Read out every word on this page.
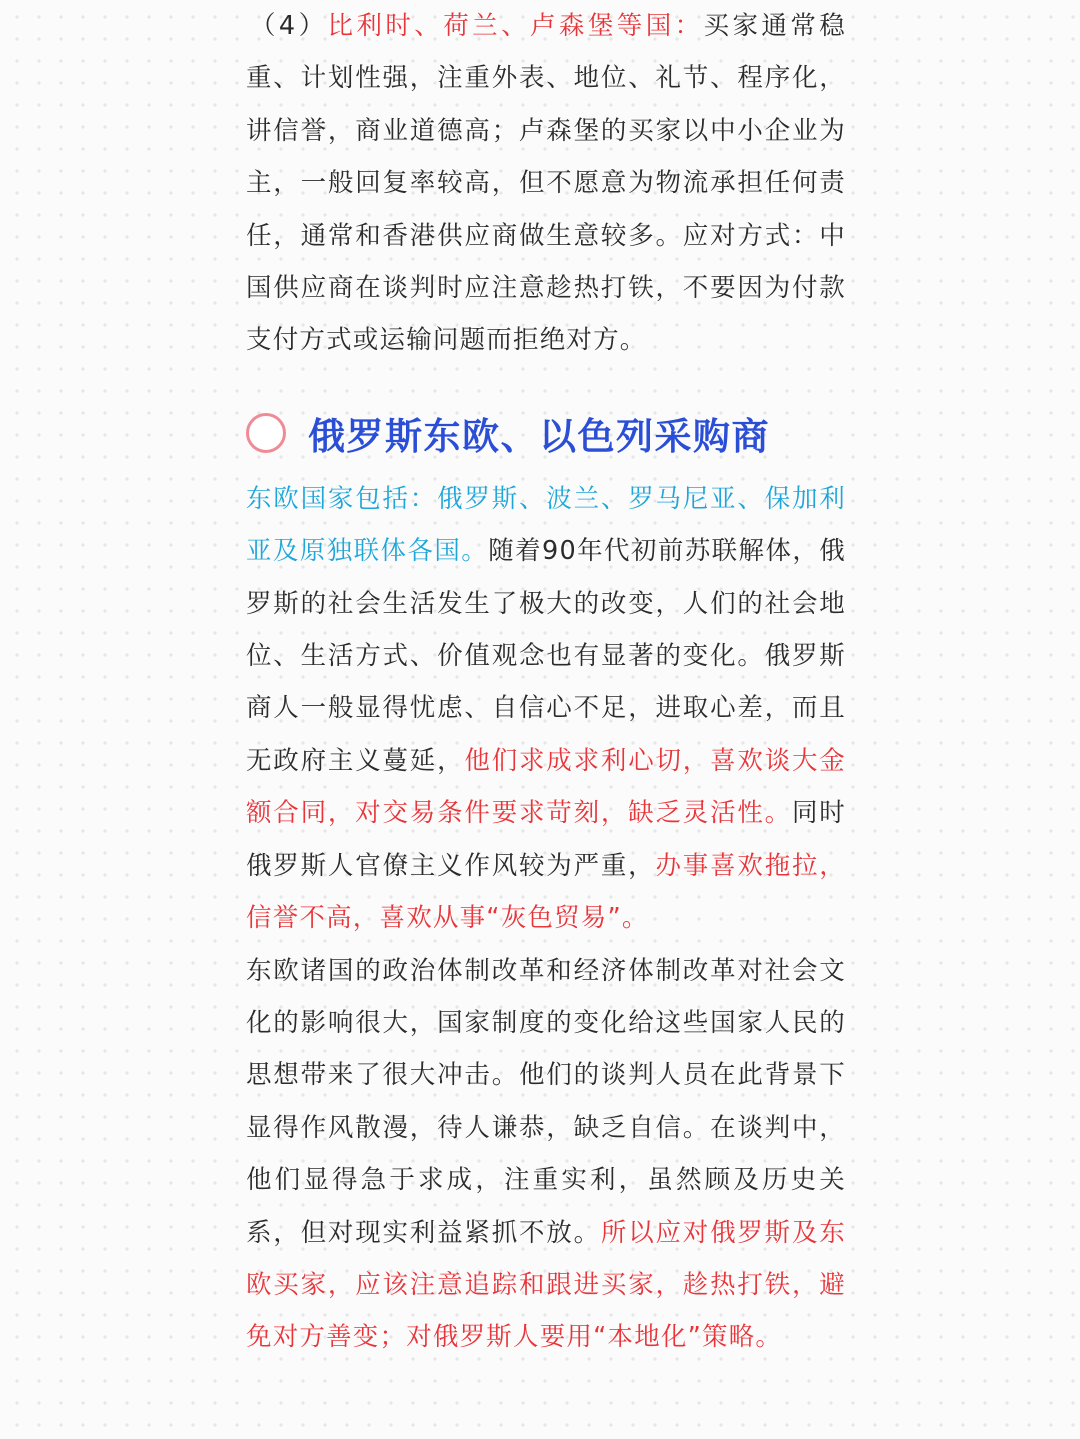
（4）比利时、荷兰、卢森堡等国：买家通常稳重、计划性强，注重外表、地位、礼节、程序化，讲信誉，商业道德高；卢森堡的买家以中小企业为主，一般回复率较高，但不愿意为物流承担任何责任，通常和香港供应商做生意较多。应对方式：中国供应商在谈判时应注意趁热打铁，不要因为付款支付方式或运输问题而拒绝对方。

俄罗斯东欧、以色列采购商

东欧国家包括：俄罗斯、波兰、罗马尼亚、保加利亚及原独联体各国。随着90年代初前苏联解体，俄罗斯的社会生活发生了极大的改变，人们的社会地位、生活方式、价值观念也有显著的变化。俄罗斯商人一般显得忧虑、自信心不足，进取心差，而且无政府主义蔓延，他们求成求利心切，喜欢谈大金额合同，对交易条件要求苛刻，缺乏灵活性。同时俄罗斯人官僚主义作风较为严重，办事喜欢拖拉，信誉不高，喜欢从事“灰色贸易”。

东欧诸国的政治体制改革和经济体制改革对社会文化的影响很大，国家制度的变化给这些国家人民的思想带来了很大冲击。他们的谈判人员在此背景下显得作风散漫，待人谦恭，缺乏自信。在谈判中，他们显得急于求成，注重实利，虽然顾及历史关系，但对现实利益紧抓不放。所以应对俄罗斯及东欧买家，应该注意追踪和跟进买家，趁热打铁，避免对方善变；对俄罗斯人要用“本地化”策略。
